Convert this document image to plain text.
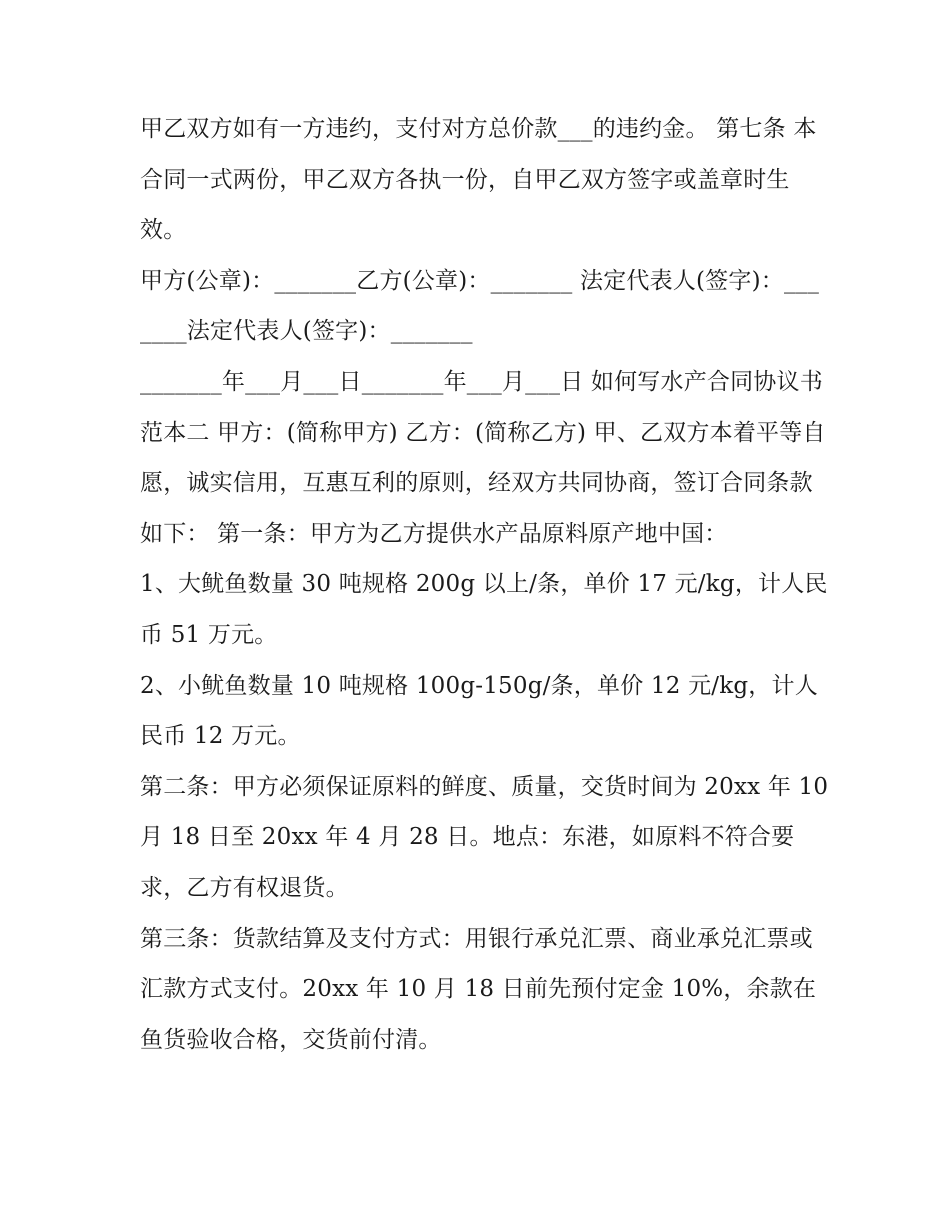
甲乙双方如有一方违约，支付对方总价款___的违约金。 第七条 本合同一式两份，甲乙双方各执一份，自甲乙双方签字或盖章时生效。

甲方(公章)：_______乙方(公章)：_______ 法定代表人(签字)：_______法定代表人(签字)：_______

_______年___月___日_______年___月___日 如何写水产合同协议书范本二 甲方：(简称甲方) 乙方：(简称乙方) 甲、乙双方本着平等自愿，诚实信用，互惠互利的原则，经双方共同协商，签订合同条款如下： 第一条：甲方为乙方提供水产品原料原产地中国：

1、大鱿鱼数量 30 吨规格 200g 以上/条，单价 17 元/kg，计人民币 51 万元。

2、小鱿鱼数量 10 吨规格 100g-150g/条，单价 12 元/kg，计人民币 12 万元。

第二条：甲方必须保证原料的鲜度、质量，交货时间为 20xx 年 10 月 18 日至 20xx 年 4 月 28 日。地点：东港，如原料不符合要求，乙方有权退货。

第三条：货款结算及支付方式：用银行承兑汇票、商业承兑汇票或汇款方式支付。20xx 年 10 月 18 日前先预付定金 10%，余款在鱼货验收合格，交货前付清。
